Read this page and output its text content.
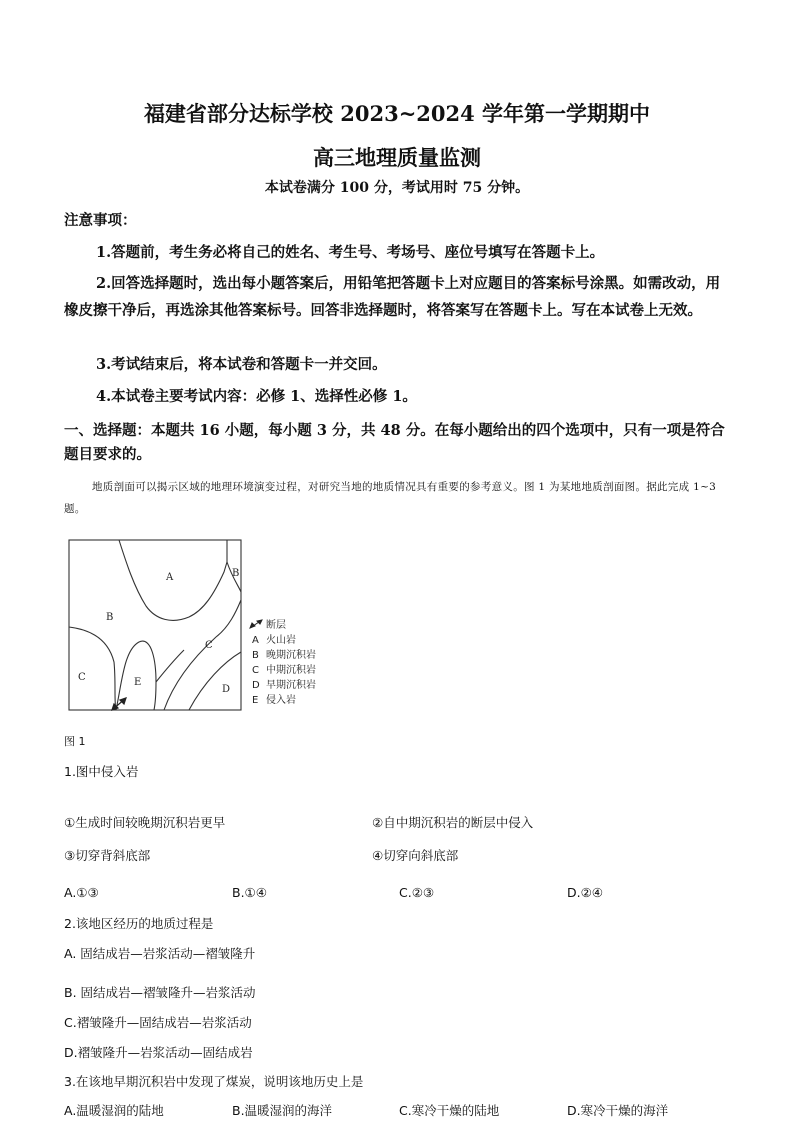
福建省部分达标学校 2023~2024 学年第一学期期中
高三地理质量监测
本试卷满分 100 分，考试用时 75 分钟。
注意事项：
1.答题前，考生务必将自己的姓名、考生号、考场号、座位号填写在答题卡上。
2.回答选择题时，选出每小题答案后，用铅笔把答题卡上对应题目的答案标号涂黑。如需改动，用橡皮擦干净后，再选涂其他答案标号。回答非选择题时，将答案写在答题卡上。写在本试卷上无效。
3.考试结束后，将本试卷和答题卡一并交回。
4.本试卷主要考试内容：必修 1、选择性必修 1。
一、选择题：本题共 16 小题，每小题 3 分，共 48 分。在每小题给出的四个选项中，只有一项是符合题目要求的。
地质剖面可以揭示区域的地理环境演变过程，对研究当地的地质情况具有重要的参考意义。图 1 为某地地质剖面图。据此完成 1~3 题。
A	B
B
C
C
D
E
断层
A 火山岩
B 晚期沉积岩
C 中期沉积岩
D 早期沉积岩
E 侵入岩
图 1
1.图中侵入岩
①生成时间较晚期沉积岩更早	②自中期沉积岩的断层中侵入
③切穿背斜底部	④切穿向斜底部
A.①③	B.①④	C.②③	D.②④
2.该地区经历的地质过程是
A. 固结成岩—岩浆活动—褶皱隆升
B. 固结成岩—褶皱隆升—岩浆活动
C.褶皱隆升—固结成岩—岩浆活动
D.褶皱隆升—岩浆活动—固结成岩
3.在该地早期沉积岩中发现了煤炭，说明该地历史上是
A.温暖湿润的陆地	B.温暖湿润的海洋	C.寒冷干燥的陆地	D.寒冷干燥的海洋
